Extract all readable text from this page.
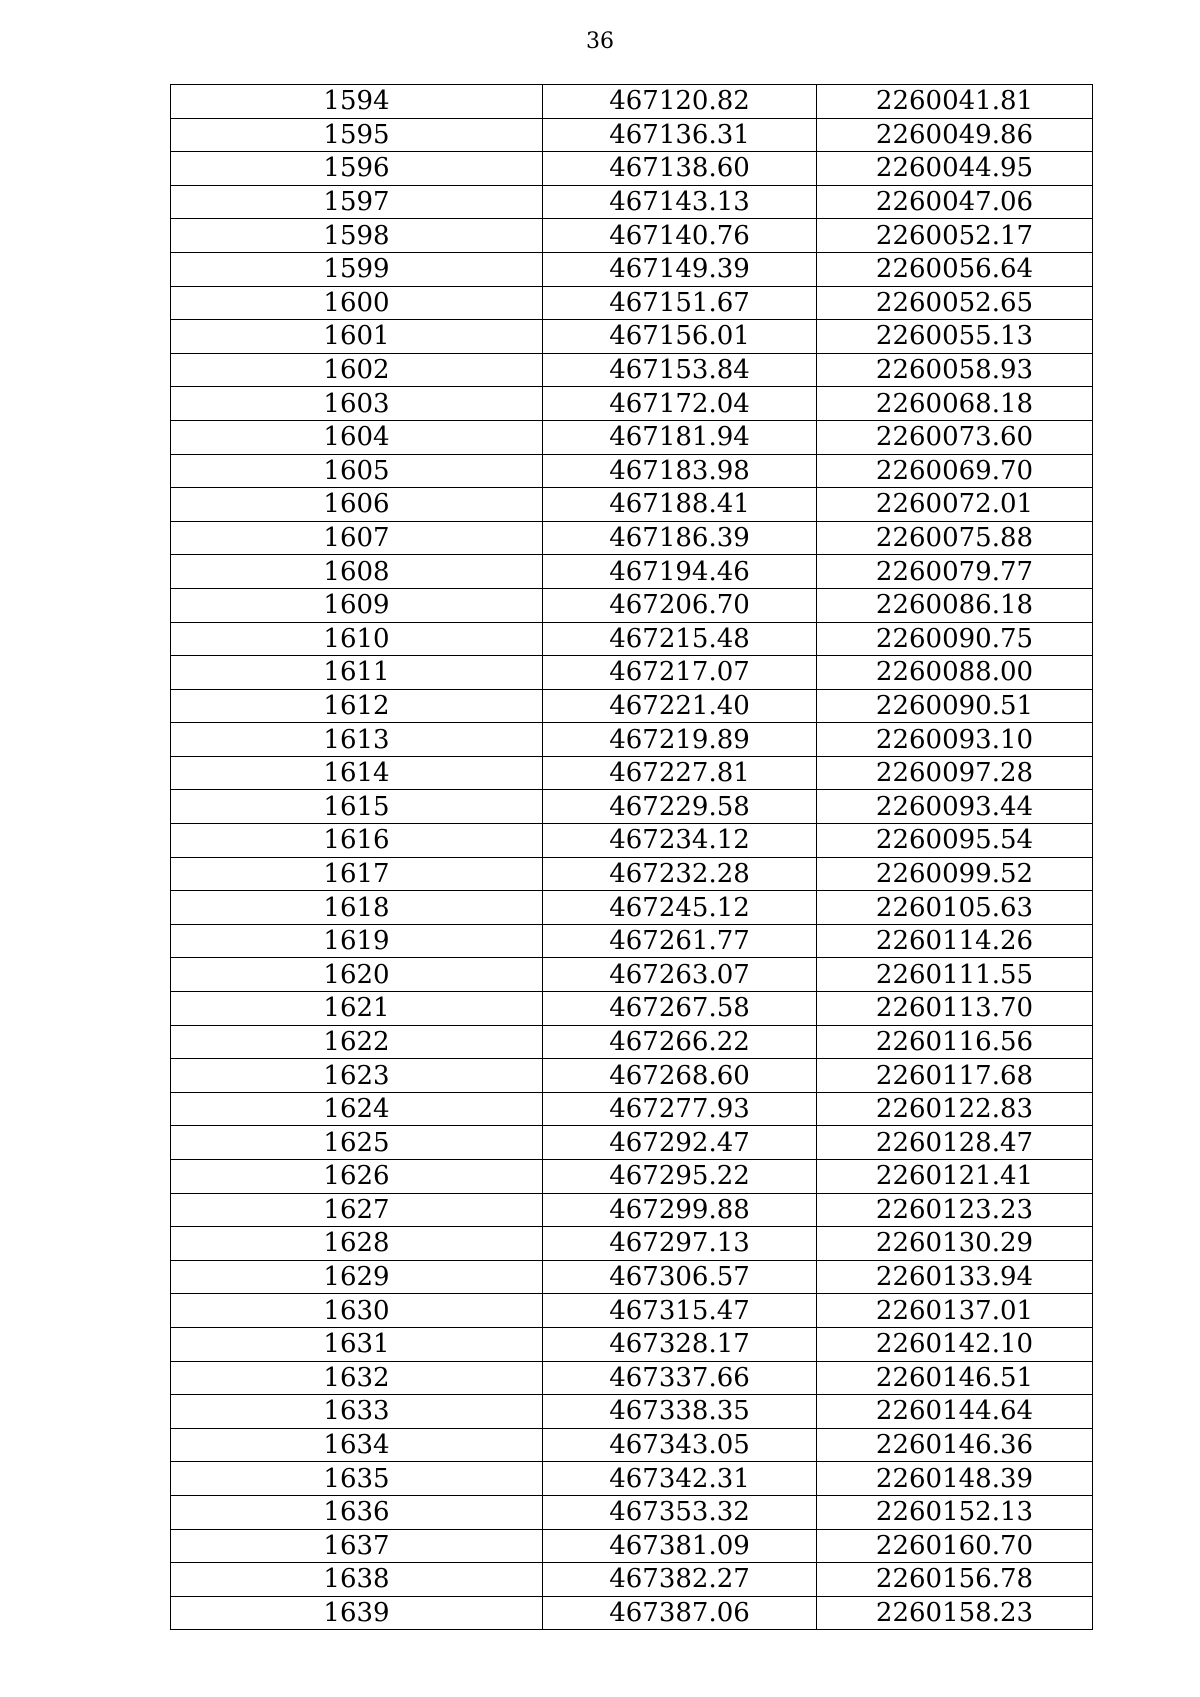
36
1594	467120.82	2260041.81
1595	467136.31	2260049.86
1596	467138.60	2260044.95
1597	467143.13	2260047.06
1598	467140.76	2260052.17
1599	467149.39	2260056.64
1600	467151.67	2260052.65
1601	467156.01	2260055.13
1602	467153.84	2260058.93
1603	467172.04	2260068.18
1604	467181.94	2260073.60
1605	467183.98	2260069.70
1606	467188.41	2260072.01
1607	467186.39	2260075.88
1608	467194.46	2260079.77
1609	467206.70	2260086.18
1610	467215.48	2260090.75
1611	467217.07	2260088.00
1612	467221.40	2260090.51
1613	467219.89	2260093.10
1614	467227.81	2260097.28
1615	467229.58	2260093.44
1616	467234.12	2260095.54
1617	467232.28	2260099.52
1618	467245.12	2260105.63
1619	467261.77	2260114.26
1620	467263.07	2260111.55
1621	467267.58	2260113.70
1622	467266.22	2260116.56
1623	467268.60	2260117.68
1624	467277.93	2260122.83
1625	467292.47	2260128.47
1626	467295.22	2260121.41
1627	467299.88	2260123.23
1628	467297.13	2260130.29
1629	467306.57	2260133.94
1630	467315.47	2260137.01
1631	467328.17	2260142.10
1632	467337.66	2260146.51
1633	467338.35	2260144.64
1634	467343.05	2260146.36
1635	467342.31	2260148.39
1636	467353.32	2260152.13
1637	467381.09	2260160.70
1638	467382.27	2260156.78
1639	467387.06	2260158.23
